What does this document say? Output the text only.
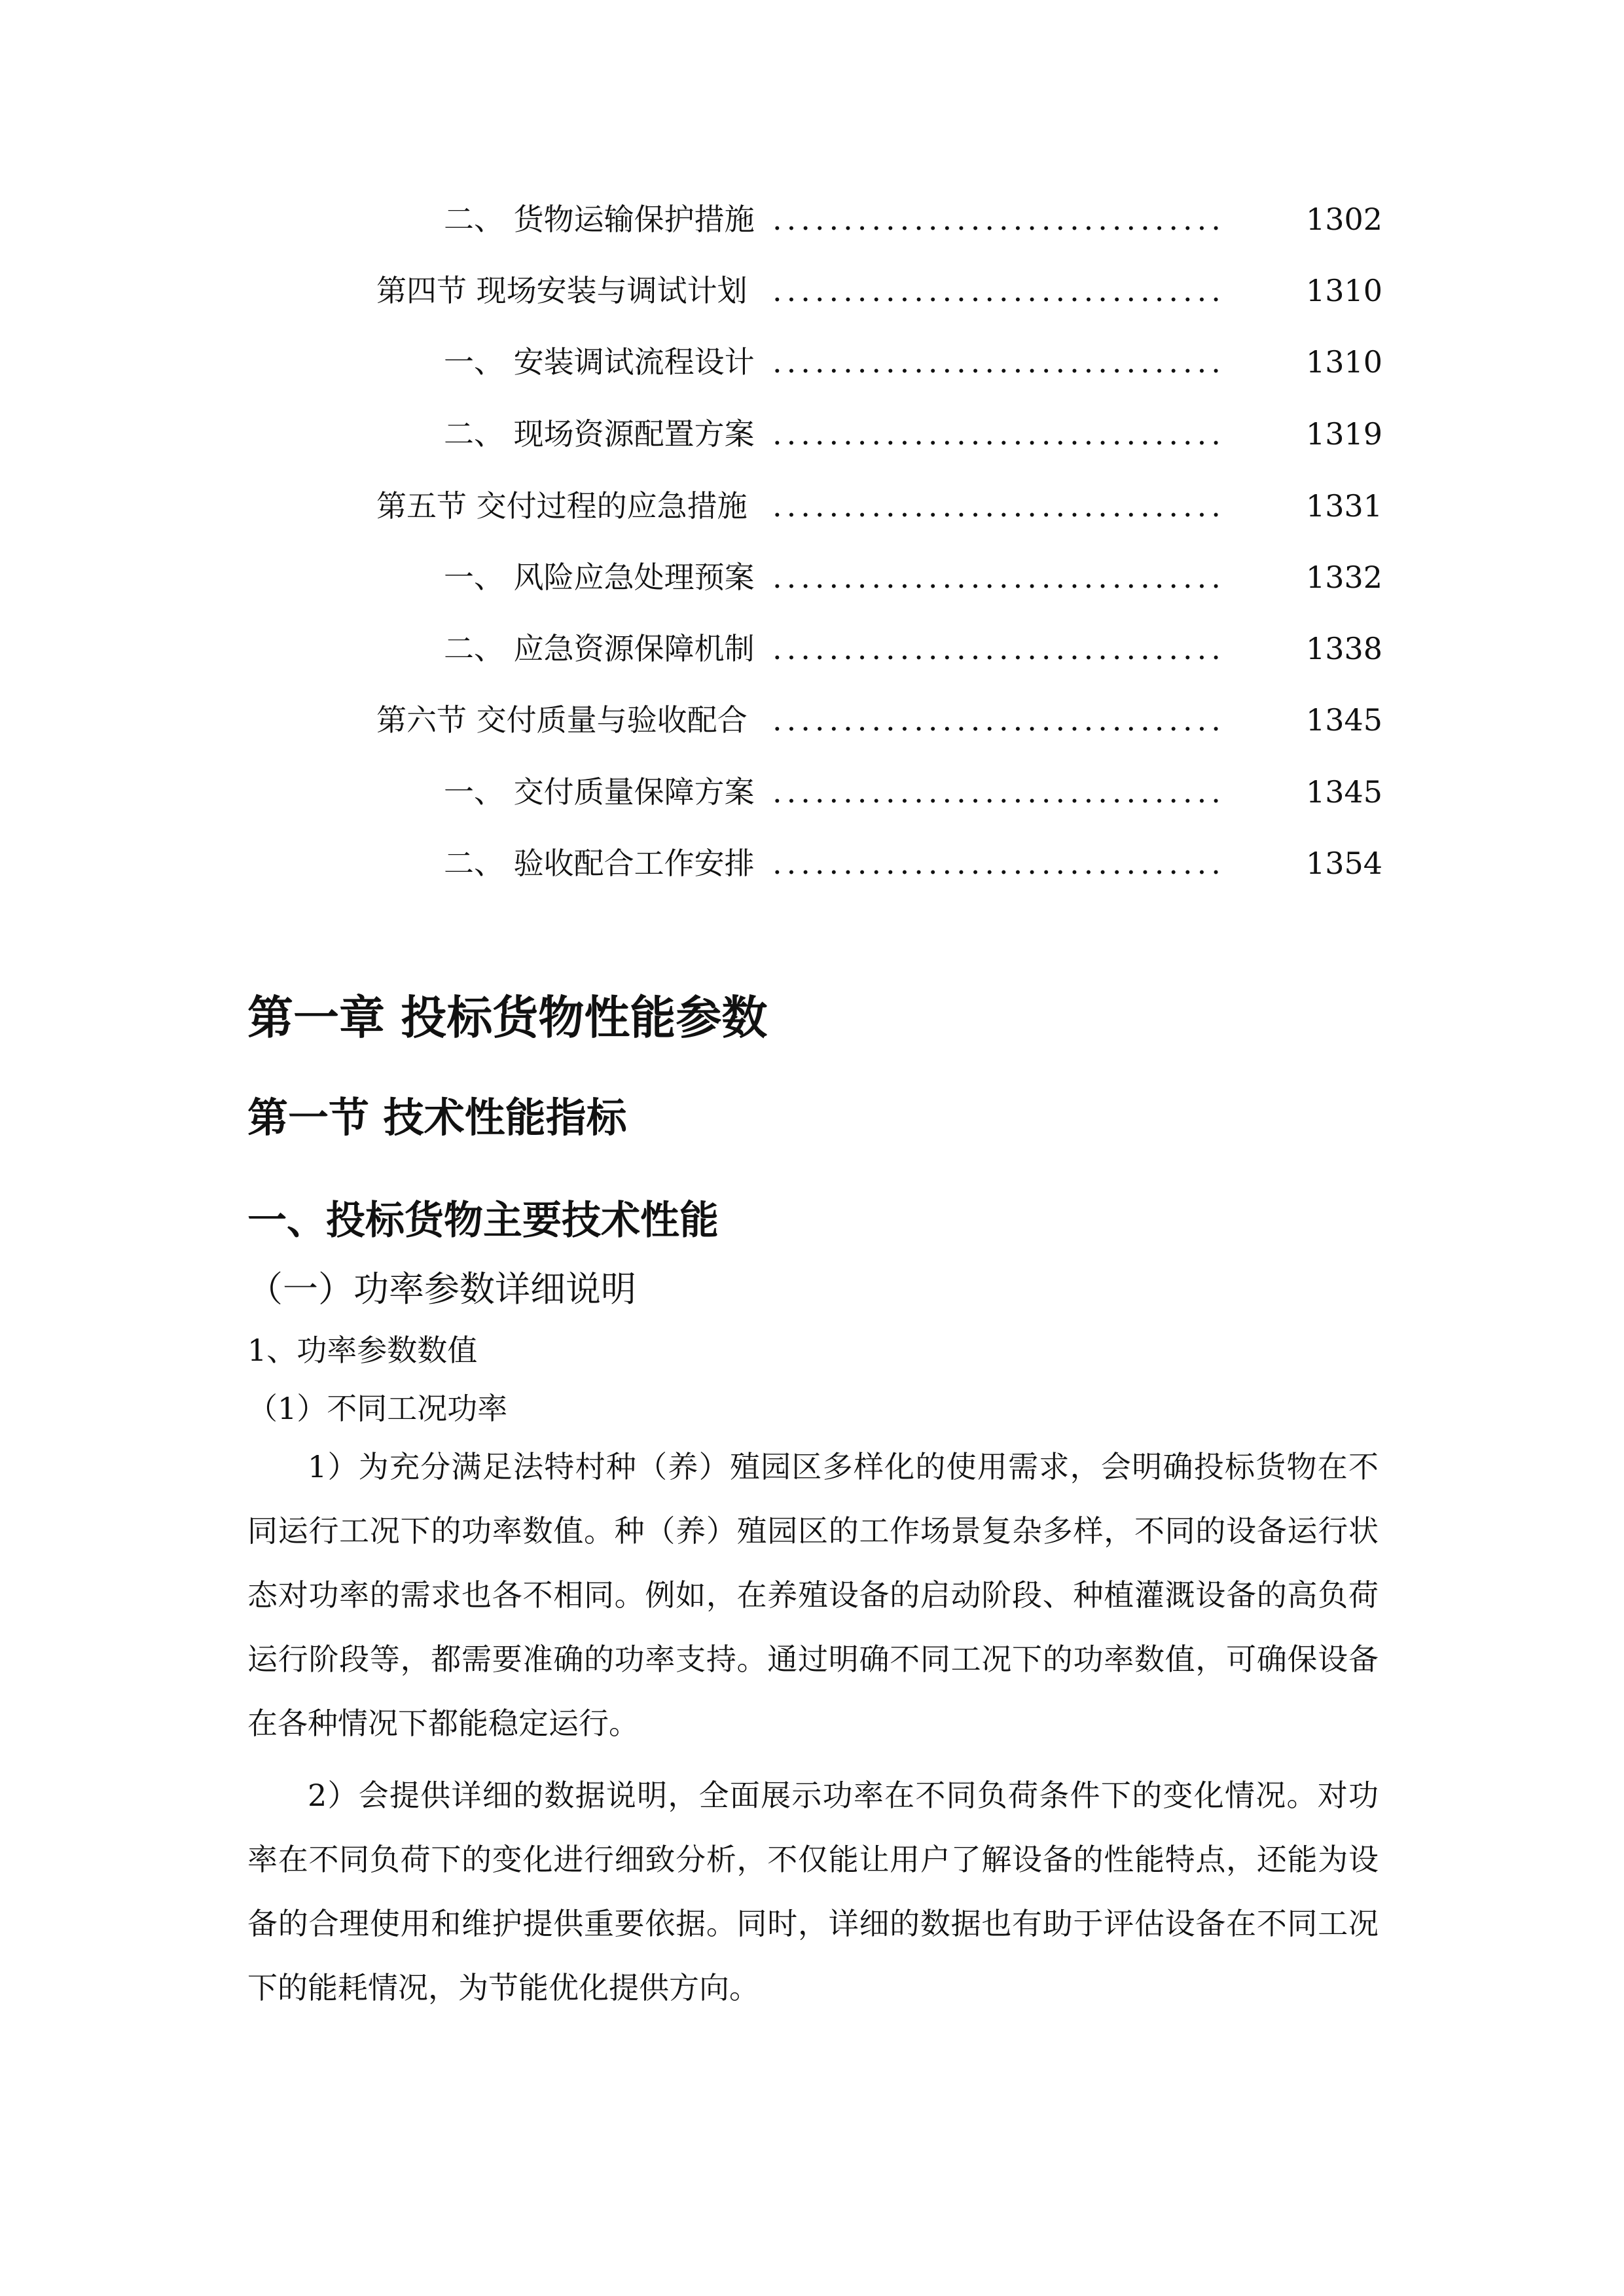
二、 货物运输保护措施 ................................	1302
第四节 现场安装与调试计划 ................................	1310
一、 安装调试流程设计 ................................	1310
二、 现场资源配置方案 ................................	1319
第五节 交付过程的应急措施 ................................	1331
一、 风险应急处理预案 ................................	1332
二、 应急资源保障机制 ................................	1338
第六节 交付质量与验收配合 ................................	1345
一、 交付质量保障方案 ................................	1345
二、 验收配合工作安排 ................................	1354
第一章 投标货物性能参数
第一节 技术性能指标
一、投标货物主要技术性能
（一）功率参数详细说明
1、功率参数数值
（1）不同工况功率

1）为充分满足法特村种（养）殖园区多样化的使用需求，会明确投标货物在不同运行工况下的功率数值。种（养）殖园区的工作场景复杂多样，不同的设备运行状态对功率的需求也各不相同。例如，在养殖设备的启动阶段、种植灌溉设备的高负荷运行阶段等，都需要准确的功率支持。通过明确不同工况下的功率数值，可确保设备在各种情况下都能稳定运行。

2）会提供详细的数据说明，全面展示功率在不同负荷条件下的变化情况。对功率在不同负荷下的变化进行细致分析，不仅能让用户了解设备的性能特点，还能为设备的合理使用和维护提供重要依据。同时，详细的数据也有助于评估设备在不同工况下的能耗情况，为节能优化提供方向。
